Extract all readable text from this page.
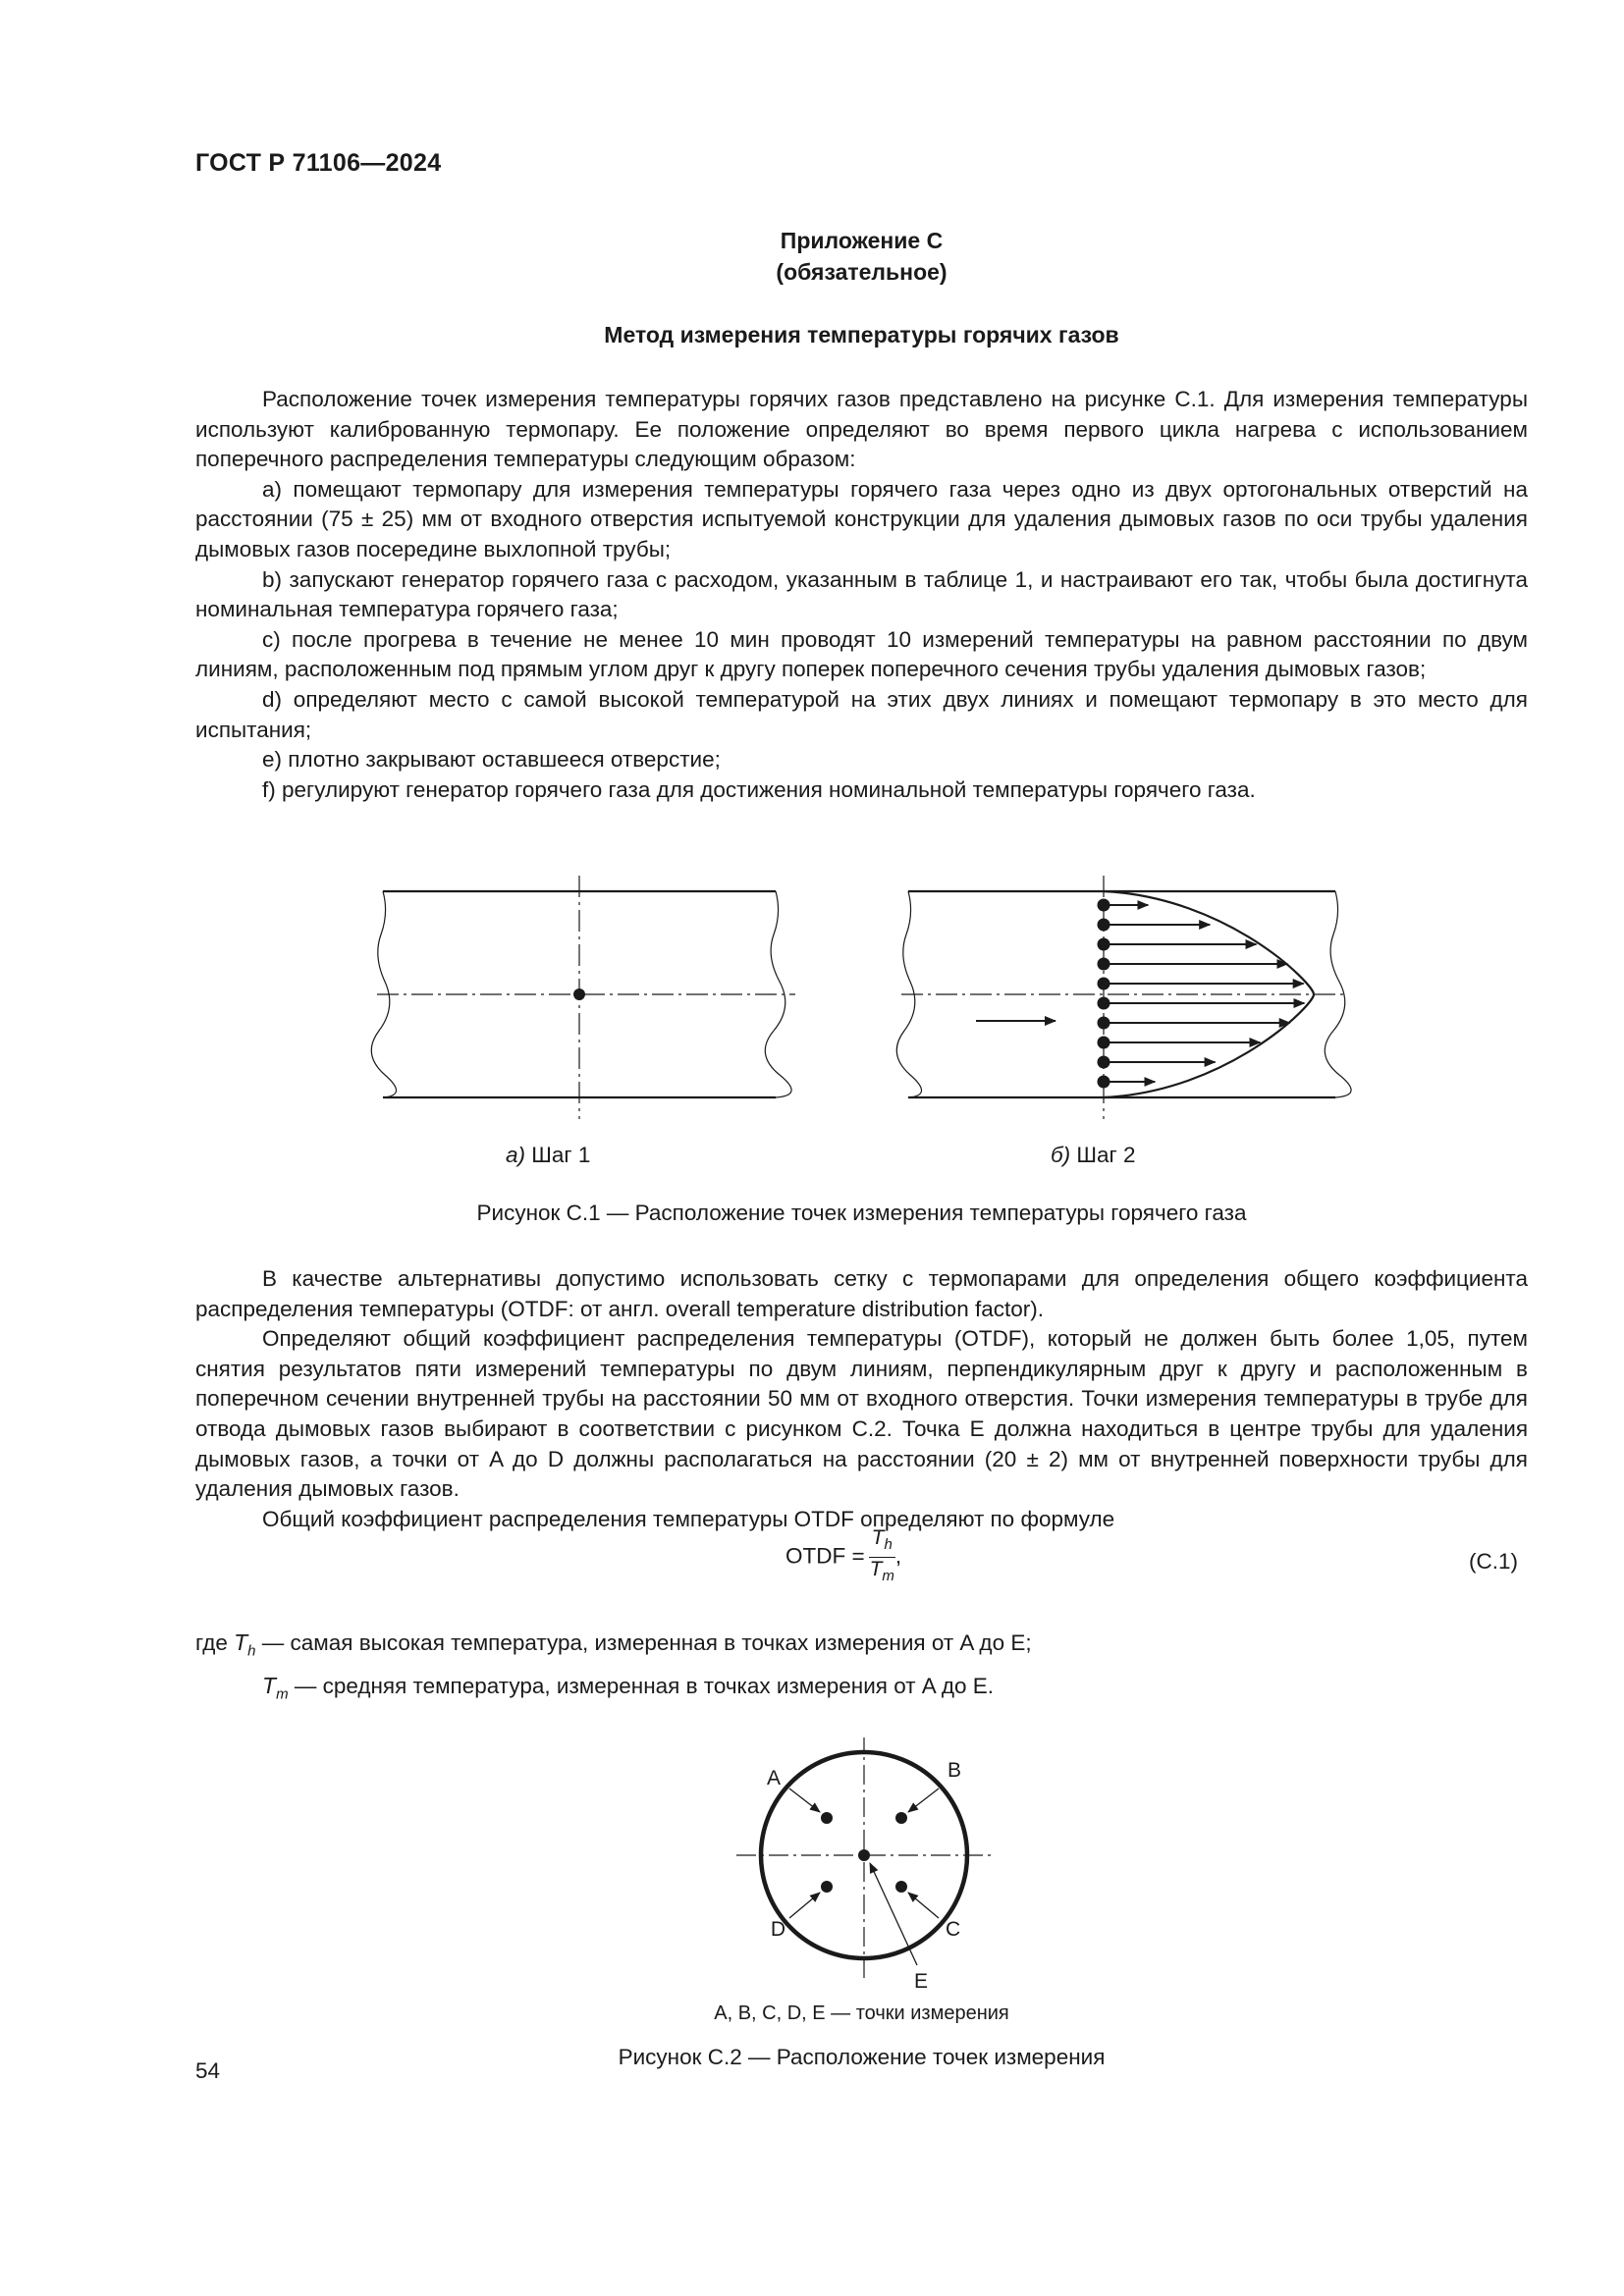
ГОСТ Р 71106—2024
Приложение С
(обязательное)
Метод измерения температуры горячих газов

Расположение точек измерения температуры горячих газов представлено на рисунке С.1. Для измерения температуры используют калиброванную термопару. Ее положение определяют во время первого цикла нагрева с использованием поперечного распределения температуры следующим образом:

а) помещают термопару для измерения температуры горячего газа через одно из двух ортогональных отверстий на расстоянии (75 ± 25) мм от входного отверстия испытуемой конструкции для удаления дымовых газов по оси трубы удаления дымовых газов посередине выхлопной трубы;

b) запускают генератор горячего газа с расходом, указанным в таблице 1, и настраивают его так, чтобы была достигнута номинальная температура горячего газа;

c) после прогрева в течение не менее 10 мин проводят 10 измерений температуры на равном расстоянии по двум линиям, расположенным под прямым углом друг к другу поперек поперечного сечения трубы удаления дымовых газов;

d) определяют место с самой высокой температурой на этих двух линиях и помещают термопару в это место для испытания;

e) плотно закрывают оставшееся отверстие;

f) регулируют генератор горячего газа для достижения номинальной температуры горячего газа.

а) Шаг 1	б) Шаг 2
Рисунок С.1 — Расположение точек измерения температуры горячего газа

В качестве альтернативы допустимо использовать сетку с термопарами для определения общего коэффициента распределения температуры (OTDF: от англ. overall temperature distribution factor).

Определяют общий коэффициент распределения температуры (OTDF), который не должен быть более 1,05, путем снятия результатов пяти измерений температуры по двум линиям, перпендикулярным друг к другу и расположенным в поперечном сечении внутренней трубы на расстоянии 50 мм от входного отверстия. Точки измерения температуры в трубе для отвода дымовых газов выбирают в соответствии с рисунком С.2. Точка E должна находиться в центре трубы для удаления дымовых газов, а точки от A до D должны располагаться на расстоянии (20 ± 2) мм от внутренней поверхности трубы для удаления дымовых газов.

Общий коэффициент распределения температуры OTDF определяют по формуле

OTDF = $\frac{T_h}{T_m}$ ,	(С.1)
где $T_h$ — самая высокая температура, измеренная в точках измерения от A до E;
$T_m$ — средняя температура, измеренная в точках измерения от A до E.
A	B
C
D
E
A, B, C, D, E — точки измерения
Рисунок С.2 — Расположение точек измерения
54
